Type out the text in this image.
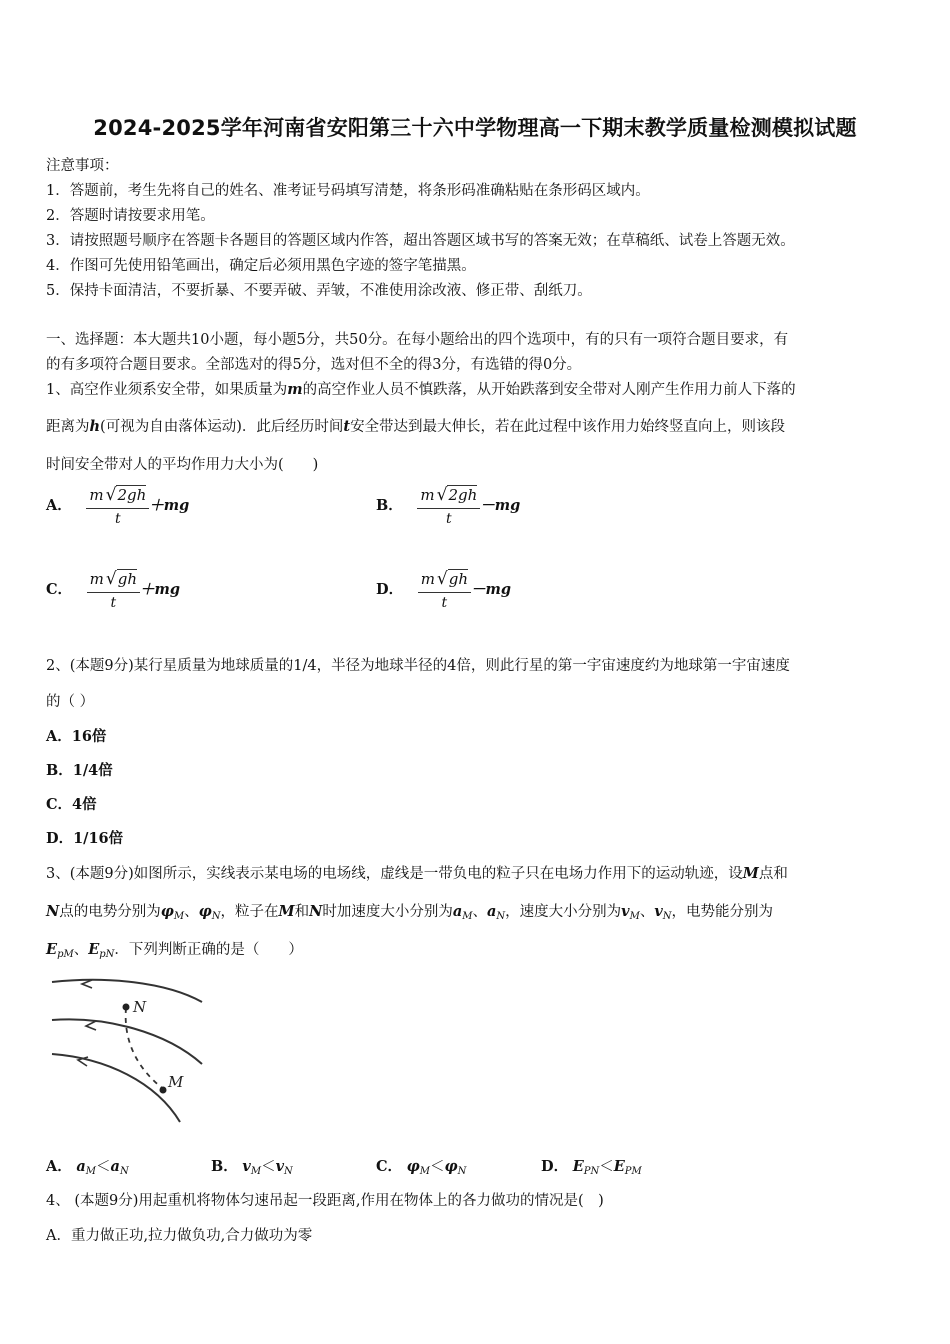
2024-2025学年河南省安阳第三十六中学物理高一下期末教学质量检测模拟试题
注意事项：
1．答题前，考生先将自己的姓名、准考证号码填写清楚，将条形码准确粘贴在条形码区域内。
2．答题时请按要求用笔。
3．请按照题号顺序在答题卡各题目的答题区域内作答，超出答题区域书写的答案无效；在草稿纸、试卷上答题无效。
4．作图可先使用铅笔画出，确定后必须用黑色字迹的签字笔描黑。
5．保持卡面清洁，不要折暴、不要弄破、弄皱，不准使用涂改液、修正带、刮纸刀。
一、选择题：本大题共10小题，每小题5分，共50分。在每小题给出的四个选项中，有的只有一项符合题目要求，有
的有多项符合题目要求。全部选对的得5分，选对但不全的得3分，有选错的得0分。
1、高空作业须系安全带，如果质量为m的高空作业人员不慎跌落，从开始跌落到安全带对人刚产生作用力前人下落的
距离为h(可视为自由落体运动)．此后经历时间t安全带达到最大伸长，若在此过程中该作用力始终竖直向上，则该段
时间安全带对人的平均作用力大小为(　　)
A． $\frac{m √2gh}{t} +mg$	B． $\frac{m √2gh}{t} -mg$
C． $\frac{m √gh}{t} +mg$	D． $\frac{m √gh}{t} -mg$
2、(本题9分)某行星质量为地球质量的1/4，半径为地球半径的4倍，则此行星的第一宇宙速度约为地球第一宇宙速度
的（ ）
A．16倍
B．1/4倍
C．4倍
D．1/16倍
3、(本题9分)如图所示，实线表示某电场的电场线，虚线是一带负电的粒子只在电场力作用下的运动轨迹，设M点和
N点的电势分别为$\varphi_M$、$\varphi_N$，粒子在M和N时加速度大小分别为$a_M$、$a_N$，速度大小分别为$v_M$、$v_N$，电势能分别为
$E_{pM}$、$E_{pN}$．下列判断正确的是（　　）
N
M
A． $a_M<a_N$	B． $v_M<v_N$	C． $\varphi_M<\varphi_N$	D． $E_{PN}<E_{PM}$
4、 (本题9分)用起重机将物体匀速吊起一段距离,作用在物体上的各力做功的情况是(　)
A．重力做正功,拉力做负功,合力做功为零
